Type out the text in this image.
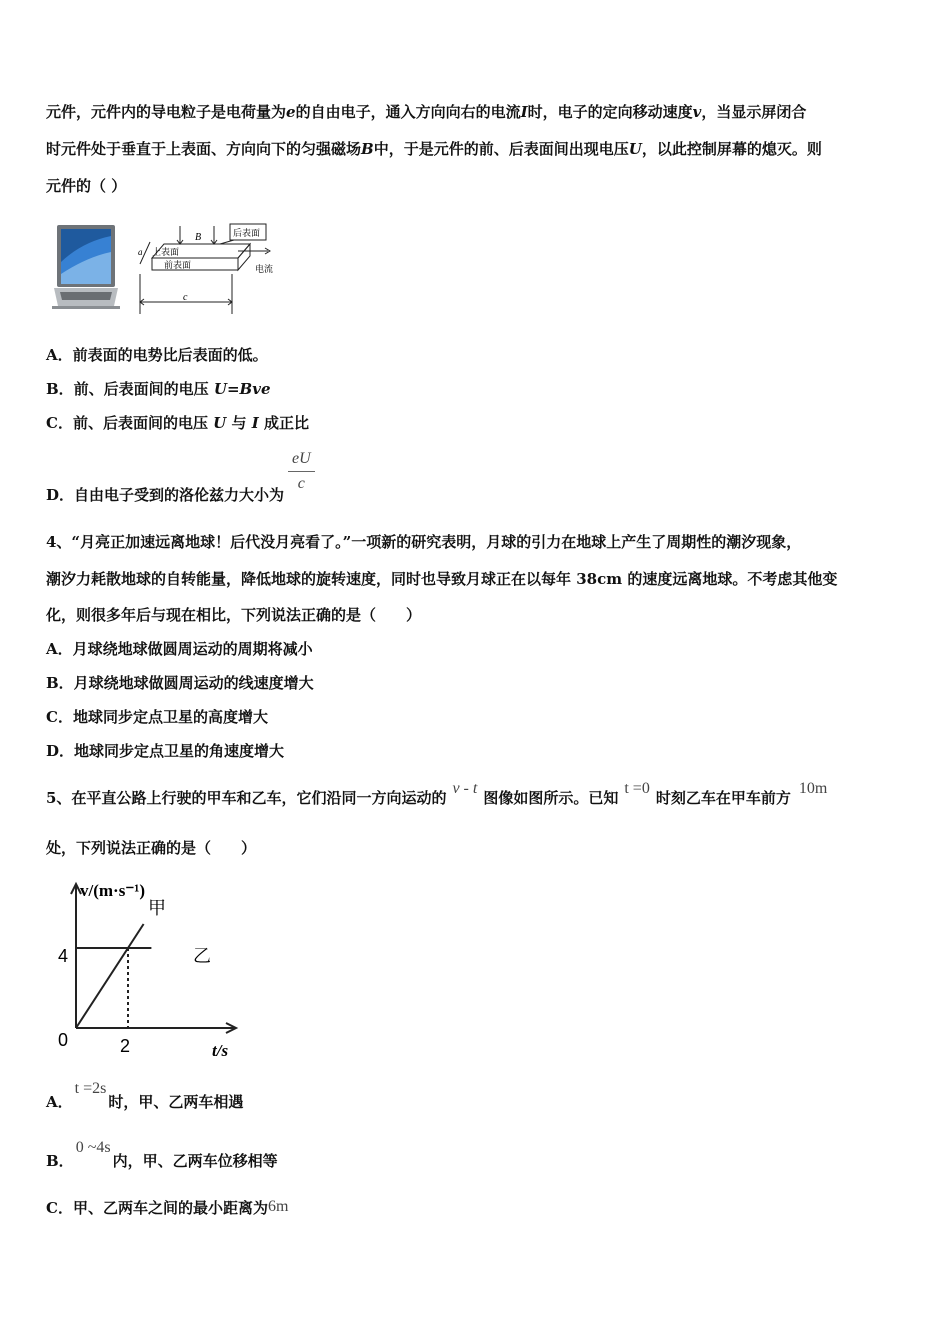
元件，元件内的导电粒子是电荷量为e的自由电子，通入方向向右的电流I时，电子的定向移动速度v，当显示屏闭合
时元件处于垂直于上表面、方向向下的匀强磁场B中，于是元件的前、后表面间出现电压U，以此控制屏幕的熄灭。则
元件的（ ）
B	后表面
上表面
前表面
a
c
电流
A．前表面的电势比后表面的低。
B．前、后表面间的电压 U=Bve
C．前、后表面间的电压 U 与 I 成正比
D．自由电子受到的洛伦兹力大小为
$\frac{eU}{c}$
4、“月亮正加速远离地球！后代没月亮看了。”一项新的研究表明，月球的引力在地球上产生了周期性的潮汐现象，
潮汐力耗散地球的自转能量，降低地球的旋转速度，同时也导致月球正在以每年 38cm 的速度远离地球。不考虑其他变
化，则很多年后与现在相比，下列说法正确的是（　　）
A．月球绕地球做圆周运动的周期将减小
B．月球绕地球做圆周运动的线速度增大
C．地球同步定点卫星的高度增大
D．地球同步定点卫星的角速度增大
5、在平直公路上行驶的甲车和乙车，它们沿同一方向运动的v - t图像如图所示。已知t =0时刻乙车在甲车前方10m
处，下列说法正确的是（　　）
v/(m·s⁻¹)
t/s
4
2
0
甲
乙
A．t =2s时，甲、乙两车相遇
B．0 ~4s内，甲、乙两车位移相等
C．甲、乙两车之间的最小距离为6m
